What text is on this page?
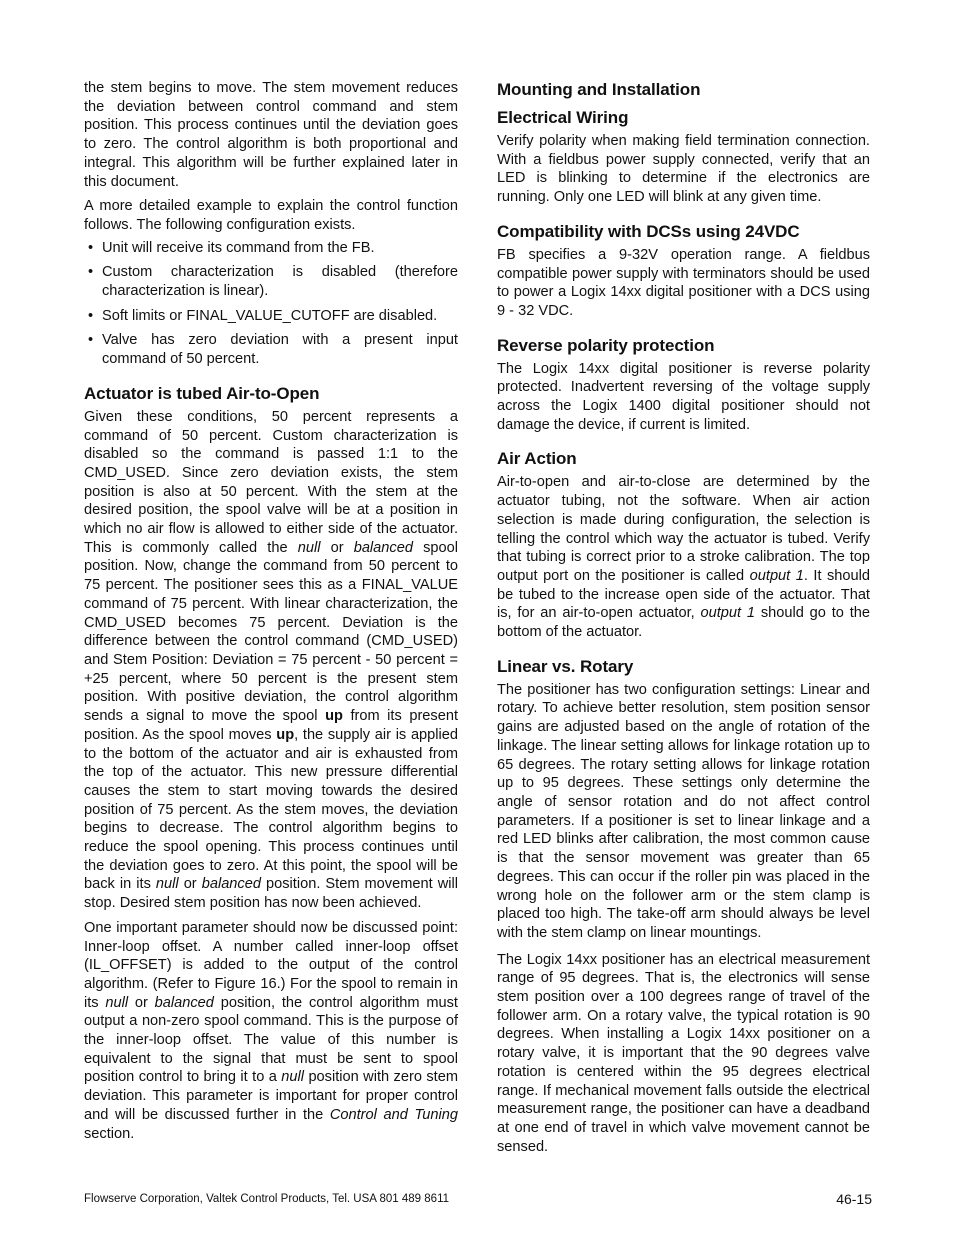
the stem begins to move. The stem movement reduces the deviation between control command and stem position. This process continues until the deviation goes to zero. The control algorithm is both proportional and integral. This algorithm will be further explained later in this document.

A more detailed example to explain the control function follows. The following configuration exists.

• Unit will receive its command from the FB.
• Custom characterization is disabled (therefore characterization is linear).
• Soft limits or FINAL_VALUE_CUTOFF are disabled.
• Valve has zero deviation with a present input command of 50 percent.
Actuator is tubed Air-to-Open

Given these conditions, 50 percent represents a command of 50 percent. Custom characterization is disabled so the command is passed 1:1 to the CMD_USED. Since zero deviation exists, the stem position is also at 50 percent. With the stem at the desired position, the spool valve will be at a position in which no air flow is allowed to either side of the actuator. This is commonly called the null or balanced spool position. Now, change the command from 50 percent to 75 percent. The positioner sees this as a FINAL_VALUE command of 75 percent. With linear characterization, the CMD_USED becomes 75 percent. Deviation is the difference between the control command (CMD_USED) and Stem Position: Deviation = 75 percent - 50 percent = +25 percent, where 50 percent is the present stem position. With positive deviation, the control algorithm sends a signal to move the spool up from its present position. As the spool moves up, the supply air is applied to the bottom of the actuator and air is exhausted from the top of the actuator. This new pressure differential causes the stem to start moving towards the desired position of 75 percent. As the stem moves, the deviation begins to decrease. The control algorithm begins to reduce the spool opening. This process continues until the deviation goes to zero. At this point, the spool will be back in its null or balanced position. Stem movement will stop. Desired stem position has now been achieved.

One important parameter should now be discussed point: Inner-loop offset. A number called inner-loop offset (IL_OFFSET) is added to the output of the control algorithm. (Refer to Figure 16.) For the spool to remain in its null or balanced position, the control algorithm must output a non-zero spool command. This is the purpose of the inner-loop offset. The value of this number is equivalent to the signal that must be sent to spool position control to bring it to a null position with zero stem deviation. This parameter is important for proper control and will be discussed further in the Control and Tuning section.

Mounting and Installation
Electrical Wiring

Verify polarity when making field termination connection. With a fieldbus power supply connected, verify that an LED is blinking to determine if the electronics are running. Only one LED will blink at any given time.

Compatibility with DCSs using 24VDC

FB specifies a 9-32V operation range. A fieldbus compatible power supply with terminators should be used to power a Logix 14xx digital positioner with a DCS using 9 - 32 VDC.

Reverse polarity protection

The Logix 14xx digital positioner is reverse polarity protected. Inadvertent reversing of the voltage supply across the Logix 1400 digital positioner should not damage the device, if current is limited.

Air Action

Air-to-open and air-to-close are determined by the actuator tubing, not the software. When air action selection is made during configuration, the selection is telling the control which way the actuator is tubed. Verify that tubing is correct prior to a stroke calibration. The top output port on the positioner is called output 1. It should be tubed to the increase open side of the actuator. That is, for an air-to-open actuator, output 1 should go to the bottom of the actuator.

Linear vs. Rotary

The positioner has two configuration settings: Linear and rotary. To achieve better resolution, stem position sensor gains are adjusted based on the angle of rotation of the linkage. The linear setting allows for linkage rotation up to 65 degrees. The rotary setting allows for linkage rotation up to 95 degrees. These settings only determine the angle of sensor rotation and do not affect control parameters. If a positioner is set to linear linkage and a red LED blinks after calibration, the most common cause is that the sensor movement was greater than 65 degrees. This can occur if the roller pin was placed in the wrong hole on the follower arm or the stem clamp is placed too high. The take-off arm should always be level with the stem clamp on linear mountings.

The Logix 14xx positioner has an electrical measurement range of 95 degrees. That is, the electronics will sense stem position over a 100 degrees range of travel of the follower arm. On a rotary valve, the typical rotation is 90 degrees. When installing a Logix 14xx positioner on a rotary valve, it is important that the 90 degrees valve rotation is centered within the 95 degrees electrical range. If mechanical movement falls outside the electrical measurement range, the positioner can have a deadband at one end of travel in which valve movement cannot be sensed.

Flowserve Corporation, Valtek Control Products, Tel. USA 801 489 8611	46-15
